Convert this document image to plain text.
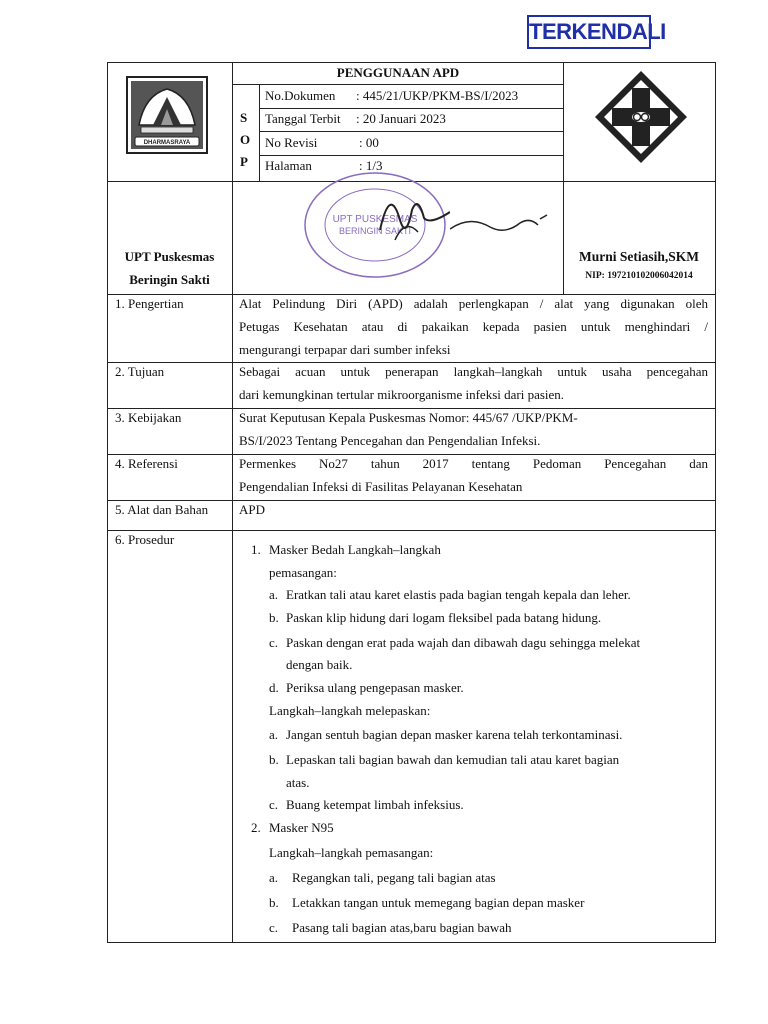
TERKENDALI
DHARMASRAYA
PENGGUNAAN APD
S
O
P
No.Dokumen : 445/21/UKP/PKM-BS/I/2023
Tanggal Terbit : 20 Januari 2023
No Revisi	: 00
Halaman	: 1/3
UPT Puskesmas
Beringin Sakti
UPT PUSKESMAS
BERINGIN SAKTI
Murni Setiasih,SKM
NIP: 197210102006042014
1. Pengertian	Alat Pelindung Diri (APD) adalah perlengkapan / alat yang digunakan oleh
Petugas Kesehatan atau di pakaikan kepada pasien untuk menghindari /
mengurangi terpapar dari sumber infeksi
2. Tujuan	Sebagai acuan untuk penerapan langkah–langkah untuk usaha pencegahan
dari kemungkinan tertular mikroorganisme infeksi dari pasien.
3. Kebijakan	Surat Keputusan Kepala Puskesmas Nomor: 445/67 /UKP/PKM-
BS/I/2023 Tentang Pencegahan dan Pengendalian Infeksi.
4. Referensi	Permenkes No27 tahun 2017 tentang Pedoman Pencegahan dan
Pengendalian Infeksi di Fasilitas Pelayanan Kesehatan
5. Alat dan Bahan APD
6. Prosedur
1. Masker Bedah Langkah–langkah
pemasangan:
a. Eratkan tali atau karet elastis pada bagian tengah kepala dan leher.
b. Paskan klip hidung dari logam fleksibel pada batang hidung.
c. Paskan dengan erat pada wajah dan dibawah dagu sehingga melekat
dengan baik.
d. Periksa ulang pengepasan masker.
Langkah–langkah melepaskan:
a. Jangan sentuh bagian depan masker karena telah terkontaminasi.
b. Lepaskan tali bagian bawah dan kemudian tali atau karet bagian
atas.
c. Buang ketempat limbah infeksius.
2. Masker N95
Langkah–langkah pemasangan:
a. Regangkan tali, pegang tali bagian atas
b. Letakkan tangan untuk memegang bagian depan masker
c. Pasang tali bagian atas,baru bagian bawah
